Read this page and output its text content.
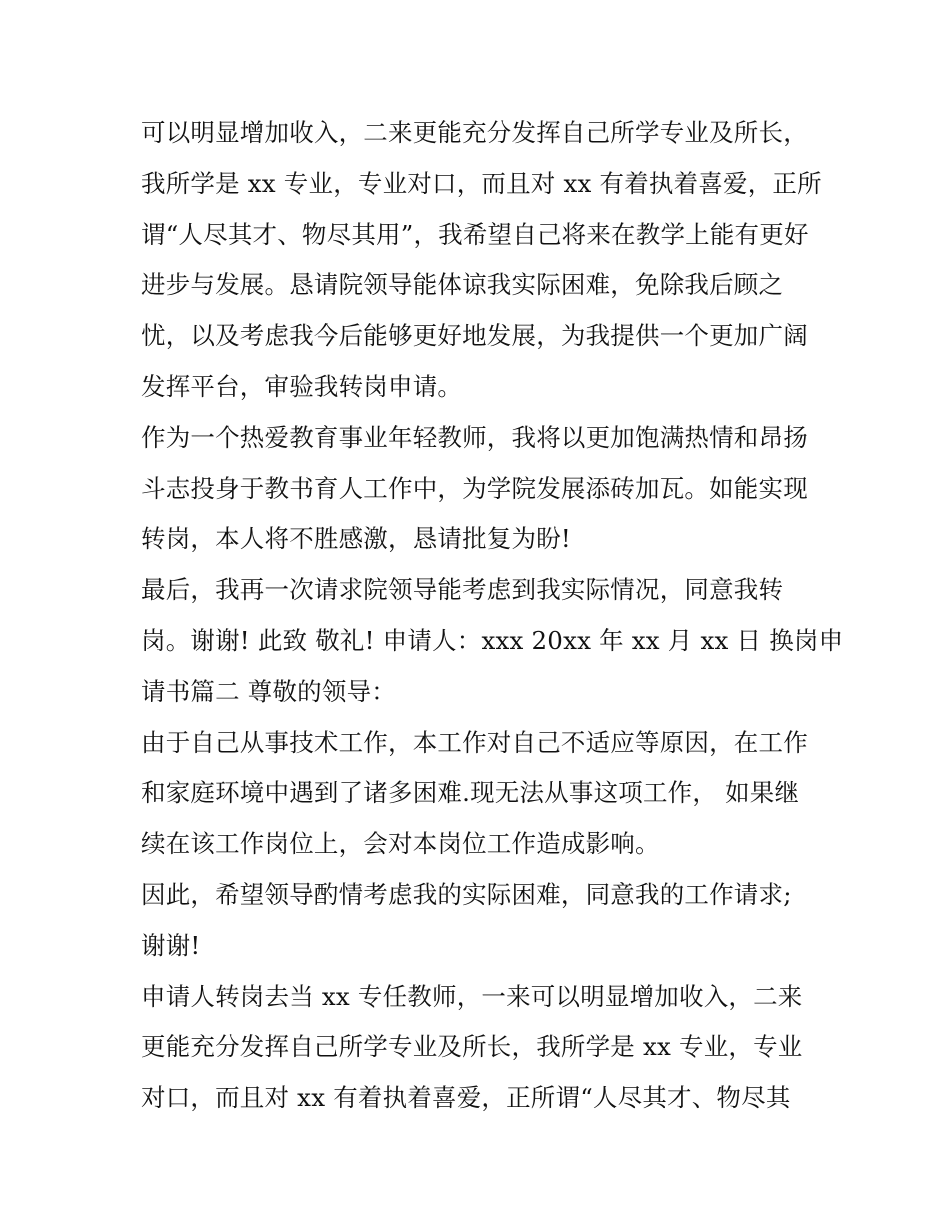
可以明显增加收入，二来更能充分发挥自己所学专业及所长，
我所学是 xx 专业，专业对口，而且对 xx 有着执着喜爱，正所
谓“人尽其才、物尽其用”，我希望自己将来在教学上能有更好
进步与发展。恳请院领导能体谅我实际困难，免除我后顾之
忧，以及考虑我今后能够更好地发展，为我提供一个更加广阔
发挥平台，审验我转岗申请。
作为一个热爱教育事业年轻教师，我将以更加饱满热情和昂扬
斗志投身于教书育人工作中，为学院发展添砖加瓦。如能实现
转岗，本人将不胜感激，恳请批复为盼!
最后，我再一次请求院领导能考虑到我实际情况，同意我转
岗。谢谢! 此致 敬礼! 申请人：xxx 20xx 年 xx 月 xx 日 换岗申
请书篇二 尊敬的领导：
由于自己从事技术工作，本工作对自己不适应等原因，在工作
和家庭环境中遇到了诸多困难.现无法从事这项工作， 如果继
续在该工作岗位上，会对本岗位工作造成影响。
因此，希望领导酌情考虑我的实际困难，同意我的工作请求;
谢谢!
申请人转岗去当 xx 专任教师，一来可以明显增加收入，二来
更能充分发挥自己所学专业及所长，我所学是 xx 专业，专业
对口，而且对 xx 有着执着喜爱，正所谓“人尽其才、物尽其
